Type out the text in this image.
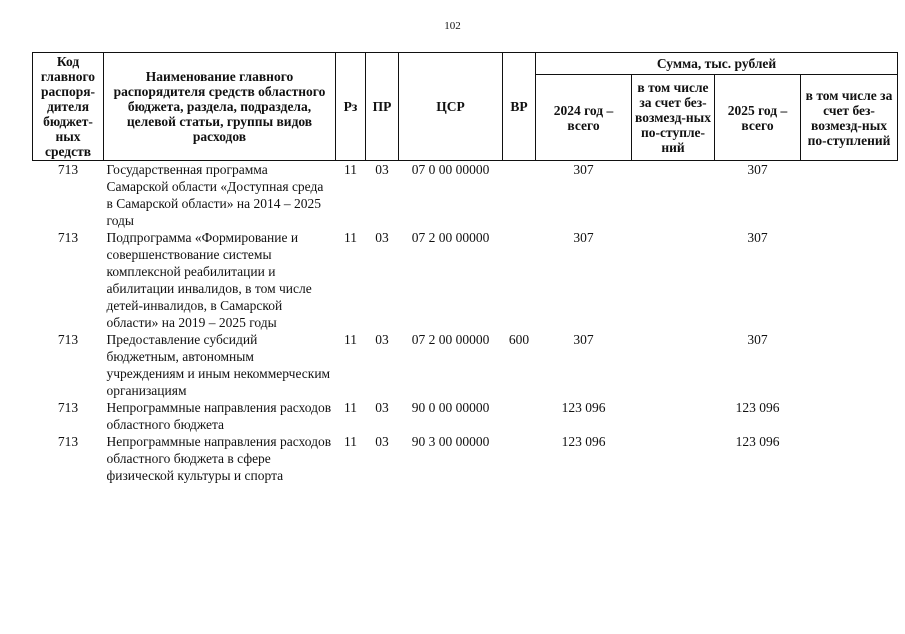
102
Код главного распоря-дителя бюджет-ных средств	Наименование главного распорядителя средств областного бюджета, раздела, подраздела, целевой статьи, группы видов расходов	Рз	ПР	ЦСР	ВР	Сумма, тыс. рублей			
						2024 год – всего	в том числе за счет без-возмезд-ных по-ступле-ний	2025 год – всего	в том числе за счет без-возмезд-ных по-ступлений
713	Государственная программа Самарской области «Доступная среда в Самарской области» на 2014 – 2025 годы	11	03	07 0 00 00000		307		307	
713	Подпрограмма «Формирование и совершенствование системы комплексной реабилитации и абилитации инвалидов, в том числе детей-инвалидов, в Самарской области» на 2019 – 2025 годы	11	03	07 2 00 00000		307		307	
713	Предоставление субсидий бюджетным, автономным учреждениям и иным некоммерческим организациям	11	03	07 2 00 00000	600	307		307	
713	Непрограммные направления расходов областного бюджета	11	03	90 0 00 00000		123 096		123 096	
713	Непрограммные направления расходов областного бюджета в сфере физической культуры и спорта	11	03	90 3 00 00000		123 096		123 096	
